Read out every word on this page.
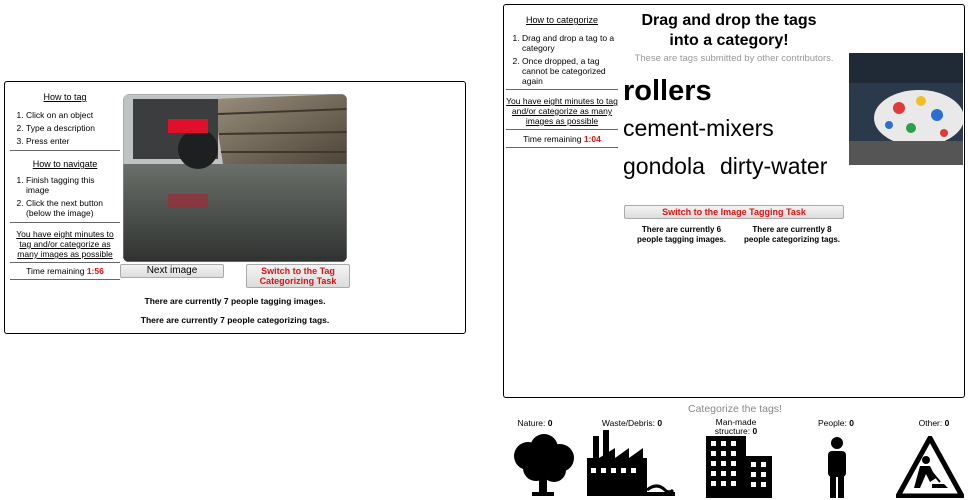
How to tag
1. Click on an object
2. Type a description
3. Press enter
How to navigate
1. Finish tagging this image
2. Click the next button (below the image)
You have eight minutes to tag and/or categorize as many images as possible
Time remaining 1:56	Next image	Switch to the Tag Categorizing Task
There are currently 7 people tagging images.
There are currently 7 people categorizing tags.
How to categorize
1. Drag and drop a tag to a category
2. Once dropped, a tag cannot be categorized again
You have eight minutes to tag and/or categorize as many images as possible
Time remaining 1:04
Drag and drop the tags into a category!
These are tags submitted by other contributors.
rollers
cement-mixers
gondola dirty-water
Switch to the Image Tagging Task
There are currently 6 people tagging images.
There are currently 8 people categorizing tags.
Categorize the tags!
Nature: 0	Waste/Debris: 0	Man-made structure: 0
People: 0	Other: 0
